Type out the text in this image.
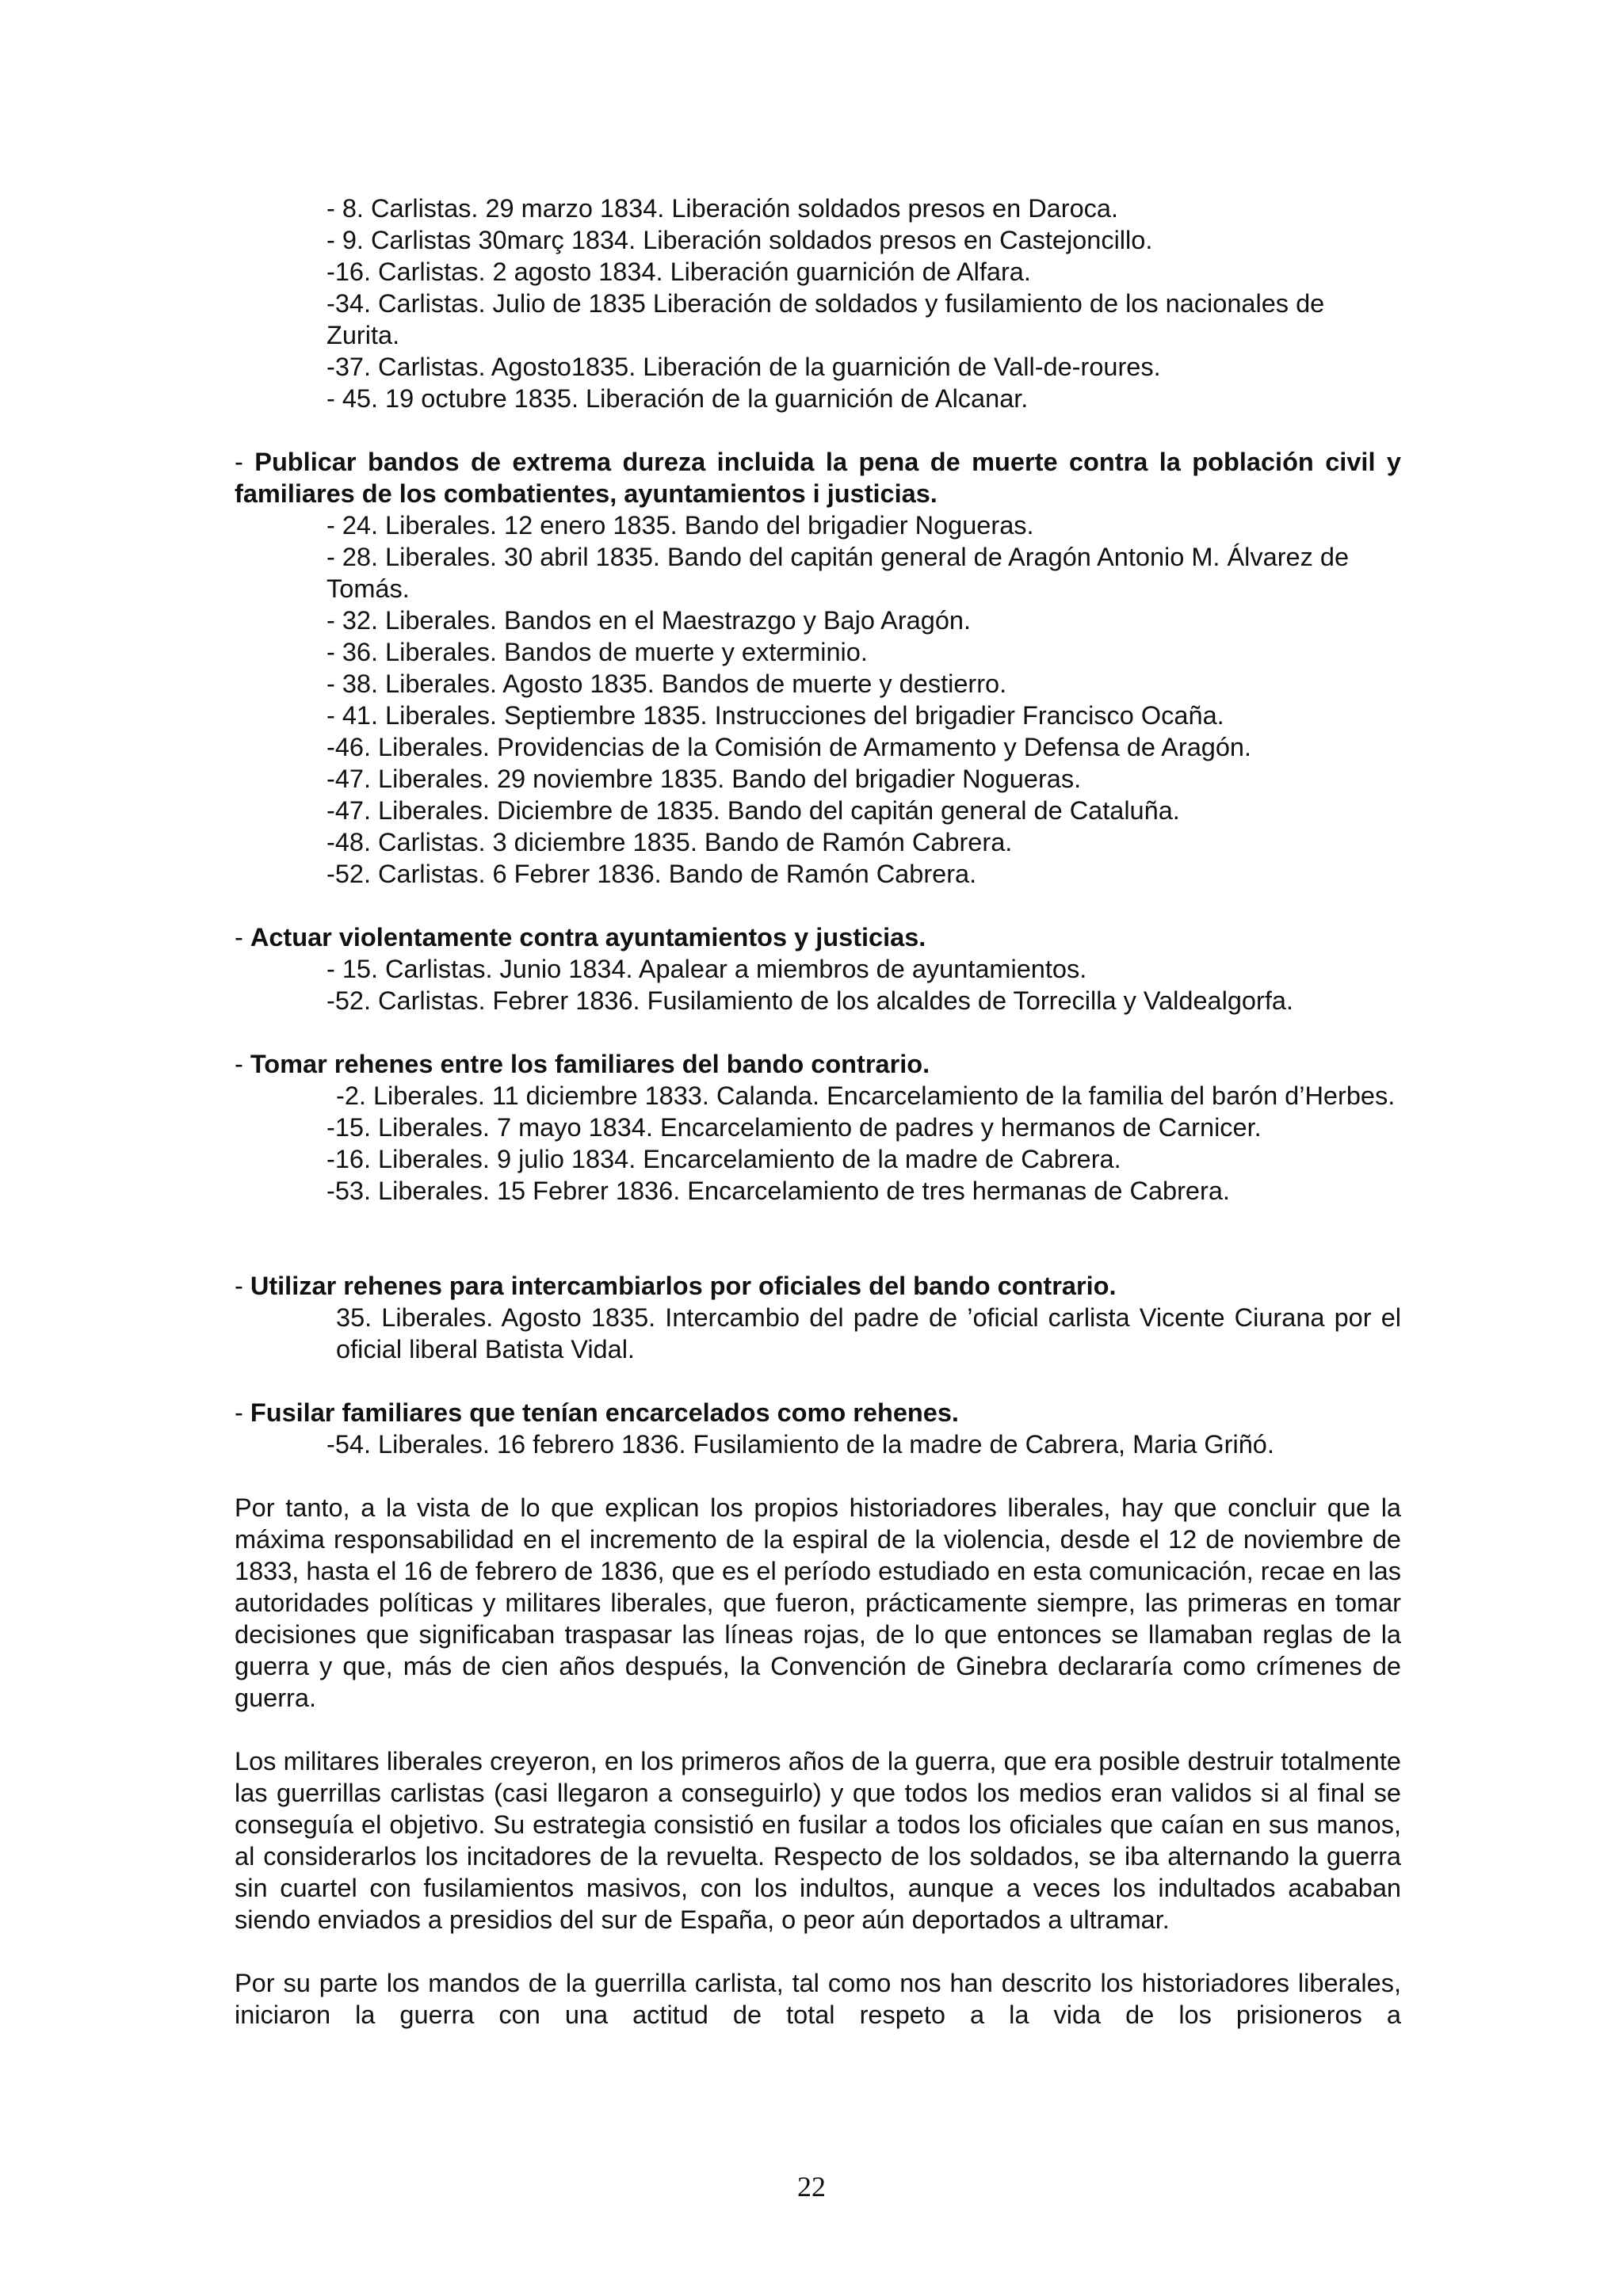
- 8. Carlistas. 29 marzo 1834. Liberación soldados presos en Daroca.
- 9. Carlistas 30març 1834. Liberación soldados presos en Castejoncillo.
-16. Carlistas. 2 agosto 1834. Liberación guarnición de Alfara.
-34. Carlistas. Julio de 1835 Liberación de soldados y fusilamiento de los nacionales de Zurita.
-37. Carlistas. Agosto1835. Liberación de la guarnición de Vall-de-roures.
- 45. 19 octubre 1835. Liberación de la guarnición de Alcanar.
- Publicar bandos de extrema dureza incluida la pena de muerte contra la población civil y familiares de los combatientes, ayuntamientos i justicias.
- 24. Liberales. 12 enero 1835. Bando del brigadier Nogueras.
- 28. Liberales. 30 abril 1835. Bando del capitán general de Aragón Antonio M. Álvarez de Tomás.
- 32. Liberales. Bandos en el Maestrazgo y Bajo Aragón.
- 36. Liberales. Bandos de muerte y exterminio.
- 38. Liberales. Agosto 1835. Bandos de muerte y destierro.
- 41. Liberales. Septiembre 1835. Instrucciones del brigadier Francisco Ocaña.
-46. Liberales. Providencias de la Comisión de Armamento y Defensa de Aragón.
-47. Liberales. 29 noviembre 1835. Bando del brigadier Nogueras.
-47. Liberales. Diciembre de 1835. Bando del capitán general de Cataluña.
-48. Carlistas. 3 diciembre 1835. Bando de Ramón Cabrera.
-52. Carlistas. 6 Febrer 1836. Bando de Ramón Cabrera.
- Actuar violentamente contra ayuntamientos y justicias.
- 15. Carlistas. Junio 1834. Apalear a miembros de ayuntamientos.
-52. Carlistas. Febrer 1836. Fusilamiento de los alcaldes de Torrecilla y Valdealgorfa.
- Tomar rehenes entre los familiares del bando contrario.
-2. Liberales. 11 diciembre 1833. Calanda. Encarcelamiento de la familia del barón d’Herbes.
-15. Liberales. 7 mayo 1834. Encarcelamiento de padres y hermanos de Carnicer.
-16. Liberales. 9 julio 1834. Encarcelamiento de la madre de Cabrera.
-53. Liberales. 15 Febrer 1836. Encarcelamiento de tres hermanas de Cabrera.
- Utilizar rehenes para intercambiarlos por oficiales del bando contrario.
35. Liberales. Agosto 1835. Intercambio del padre de ’oficial carlista Vicente Ciurana por el oficial liberal Batista Vidal.
- Fusilar familiares que tenían encarcelados como rehenes.
-54. Liberales. 16 febrero 1836. Fusilamiento de la madre de Cabrera, Maria Griñó.
Por tanto, a la vista de lo que explican los propios historiadores liberales, hay que concluir que la máxima responsabilidad en el incremento de la espiral de la violencia, desde el 12 de noviembre de 1833, hasta el 16 de febrero de 1836, que es el período estudiado en esta comunicación, recae en las autoridades políticas y militares liberales, que fueron, prácticamente siempre, las primeras en tomar decisiones que significaban traspasar las líneas rojas, de lo que entonces se llamaban reglas de la guerra y que, más de cien años después, la Convención de Ginebra declararía como crímenes de guerra.
Los militares liberales creyeron, en los primeros años de la guerra, que era posible destruir totalmente las guerrillas carlistas (casi llegaron a conseguirlo) y que todos los medios eran validos si al final se conseguía el objetivo. Su estrategia consistió en fusilar a todos los oficiales que caían en sus manos, al considerarlos los incitadores de la revuelta. Respecto de los soldados, se iba alternando la guerra sin cuartel con fusilamientos masivos, con los indultos, aunque a veces los indultados acababan siendo enviados a presidios del sur de España, o peor aún deportados a ultramar.
Por su parte los mandos de la guerrilla carlista, tal como nos han descrito los historiadores liberales, iniciaron la guerra con una actitud de total respeto a la vida de los prisioneros a
22
